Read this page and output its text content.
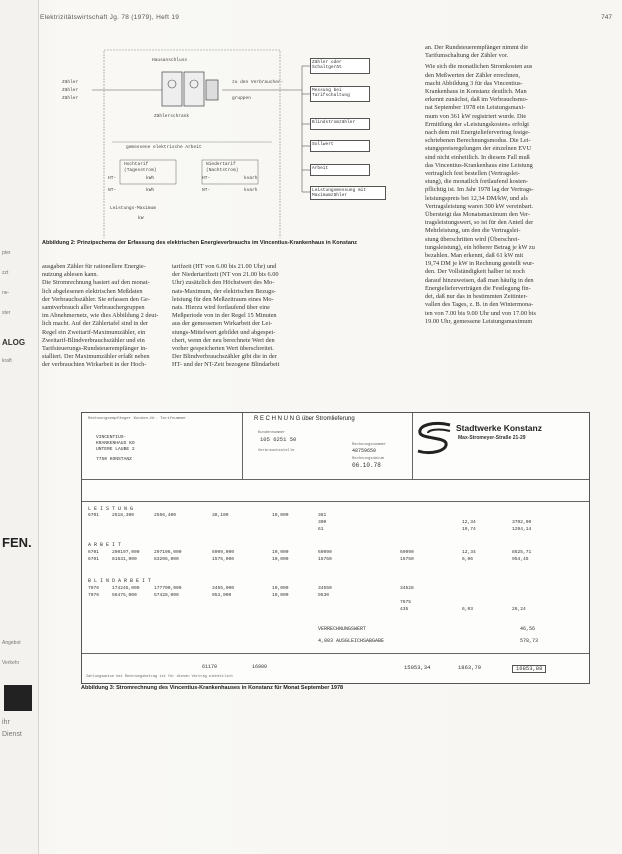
pter
zzt
ne-
ster
ALOG
kraft
FEN.
Angebot
Verkehr
ihr
Dienst
Elektrizitätswirtschaft Jg. 78 (1979), Heft 19	747
Hausanschluss
Zähler
Zähler
Zähler
Zählerschrank
zu den Verbraucher-
gruppen
gemessene elektrische Arbeit
Hochtarif
(Tagesstrom)
Niedertarif
(Nachtstrom)
HT-	kWh
NT-	kWh
HT-	kvarh
NT-	kvarh
Leistungs-Maximum
kW
Zähler oder Schaltgerät
Messung bei Tarifschaltung
Blindstromzähler
Sollwert
Arbeit
Leistungsmessung mit Maximumzähler
Abbildung 2: Prinzipschema der Erfassung des elektrischen Energieverbrauchs im Vincentius-Krankenhaus in Konstanz

ausgaben Zähler für rationellere Energie-

nutzung ablesen kann.

Die Stromrechnung basiert auf den monat-

lich abgelesenen elektrischen Meßdaten

der Verbrauchszähler. Sie erfassen den Ge-

samtverbrauch aller Verbrauchergruppen

im Abnehmernetz, wie dies Abbildung 2 deut-

lich macht. Auf der Zählertafel sind in der

Regel ein Zweitarif-Maximumzähler, ein

Zweitarif-Blindverbrauchszähler und ein

Tarifsteuerungs-Rundsteuerempfänger in-

stalliert. Der Maximumzähler erfaßt neben

der verbrauchten Wirkarbeit in der Hoch-

tarifzeit (HT von 6.00 bis 21.00 Uhr) und

der Niedertarifzeit (NT von 21.00 bis 6.00

Uhr) zusätzlich den Höchstwert des Mo-

nats-Maximum, der elektrischen Bezugs-

leistung für den Meßzeitraum eines Mo-

nats. Hierzu wird fortlaufend über eine

Meßperiode von in der Regel 15 Minuten

aus der gemessenen Wirkarbeit der Lei-

stungs-Mittelwert gebildet und abgespei-

chert, wenn der neu berechnete Wert den

vorher gespeicherten Wert überschreitet.

Der Blindverbrauchszähler gibt die in der

HT- und der NT-Zeit bezogene Blindarbeit

an. Der Rundsteuerempfänger nimmt die

Tarifumschaltung der Zähler vor.

Wie sich die monatlichen Stromkosten aus

den Meßwerten der Zähler errechnen,

macht Abbildung 3 für das Vincentius-

Krankenhaus in Konstanz deutlich. Man

erkennt zunächst, daß im Verbrauchsmo-

nat September 1978 ein Leistungsmaxi-

mum von 361 kW registriert wurde. Die

Ermittlung der »Leistungskosten« erfolgt

nach dem mit Energieliefervertrag festge-

schriebenen Berechnungsmodus. Die Lei-

stungspreisregelungen der einzelnen EVU

sind nicht einheitlich. In diesem Fall muß

das Vincentius-Krankenhaus eine Leistung

vertraglich fest bestellen (Vertragslei-

stung), die monatlich fortlaufend kosten-

pflichtig ist. Im Jahr 1978 lag der Vertrags-

leistungspreis bei 12,34 DM/kW, und als

Vertragsleistung waren 300 kW vereinbart.

Übersteigt das Monatsmaximum den Ver-

tragsleistungswert, so ist für den Anteil der

Mehrleistung, um den die Vertragslei-

stung überschritten wird (Überschrei-

tungsleistung), ein höherer Betrag je kW zu

bezahlen. Man erkennt, daß 61 kW mit

19,74 DM je kW in Rechnung gestellt wur-

den. Der Vollständigkeit halber ist noch

darauf hinzuweisen, daß man häufig in den

Energielieferverträgen die Festlegung fin-

det, daß nur das in bestimmten Zeitinter-

vallen des Tages, z. B. in den Wintermona-

ten von 7.00 bis 9.00 Uhr und von 17.00 bis

19.00 Uhr, gemessene Leistungsmaximum

Rechnungsempfänger Kunden-Nr. Tarifnummer
VINCENTIUS-
KRANKENHAUS KO
UNTERE LAUBE 2
7750 KONSTANZ
R E C H N U N G über Stromlieferung
Kundennummer
105 6251 50
Verbrauchsstelle
Rechnungsnummer
48759650
Rechnungsdatum
06.10.78
Stadtwerke Konstanz
Max-Stromeyer-Straße 21-29
L E I S T U N G
6701	2518,300	2556,400	38,100	10,000	381
300	12,34	3702,00
61	19,74	1204,14
A R B E I T
6701	290197,000	297106,000	6909,000	10,000	69090	69090	12,34	8525,71
6701	81631,000	83206,000	1575,000	10,000	15750	15750	6,06	954,45
B L I N D A R B E I T
7076	174245,000	177700,000	3455,000	10,000	34550	34528
7076	56475,000	57428,000	953,000	10,000	9530
7675
435	6,03	26,24
VERRECHNUNGSWERT	46,56
4,003 AUSGLEICHSABGABE	578,73
61170	16900	15053,34	1863,79	16853,88
Zahlungsweise bei Rechnungsbetrag ist für diesen Vertrag einheitlich
Abbildung 3: Stromrechnung des Vincentius-Krankenhauses in Konstanz für Monat September 1978
